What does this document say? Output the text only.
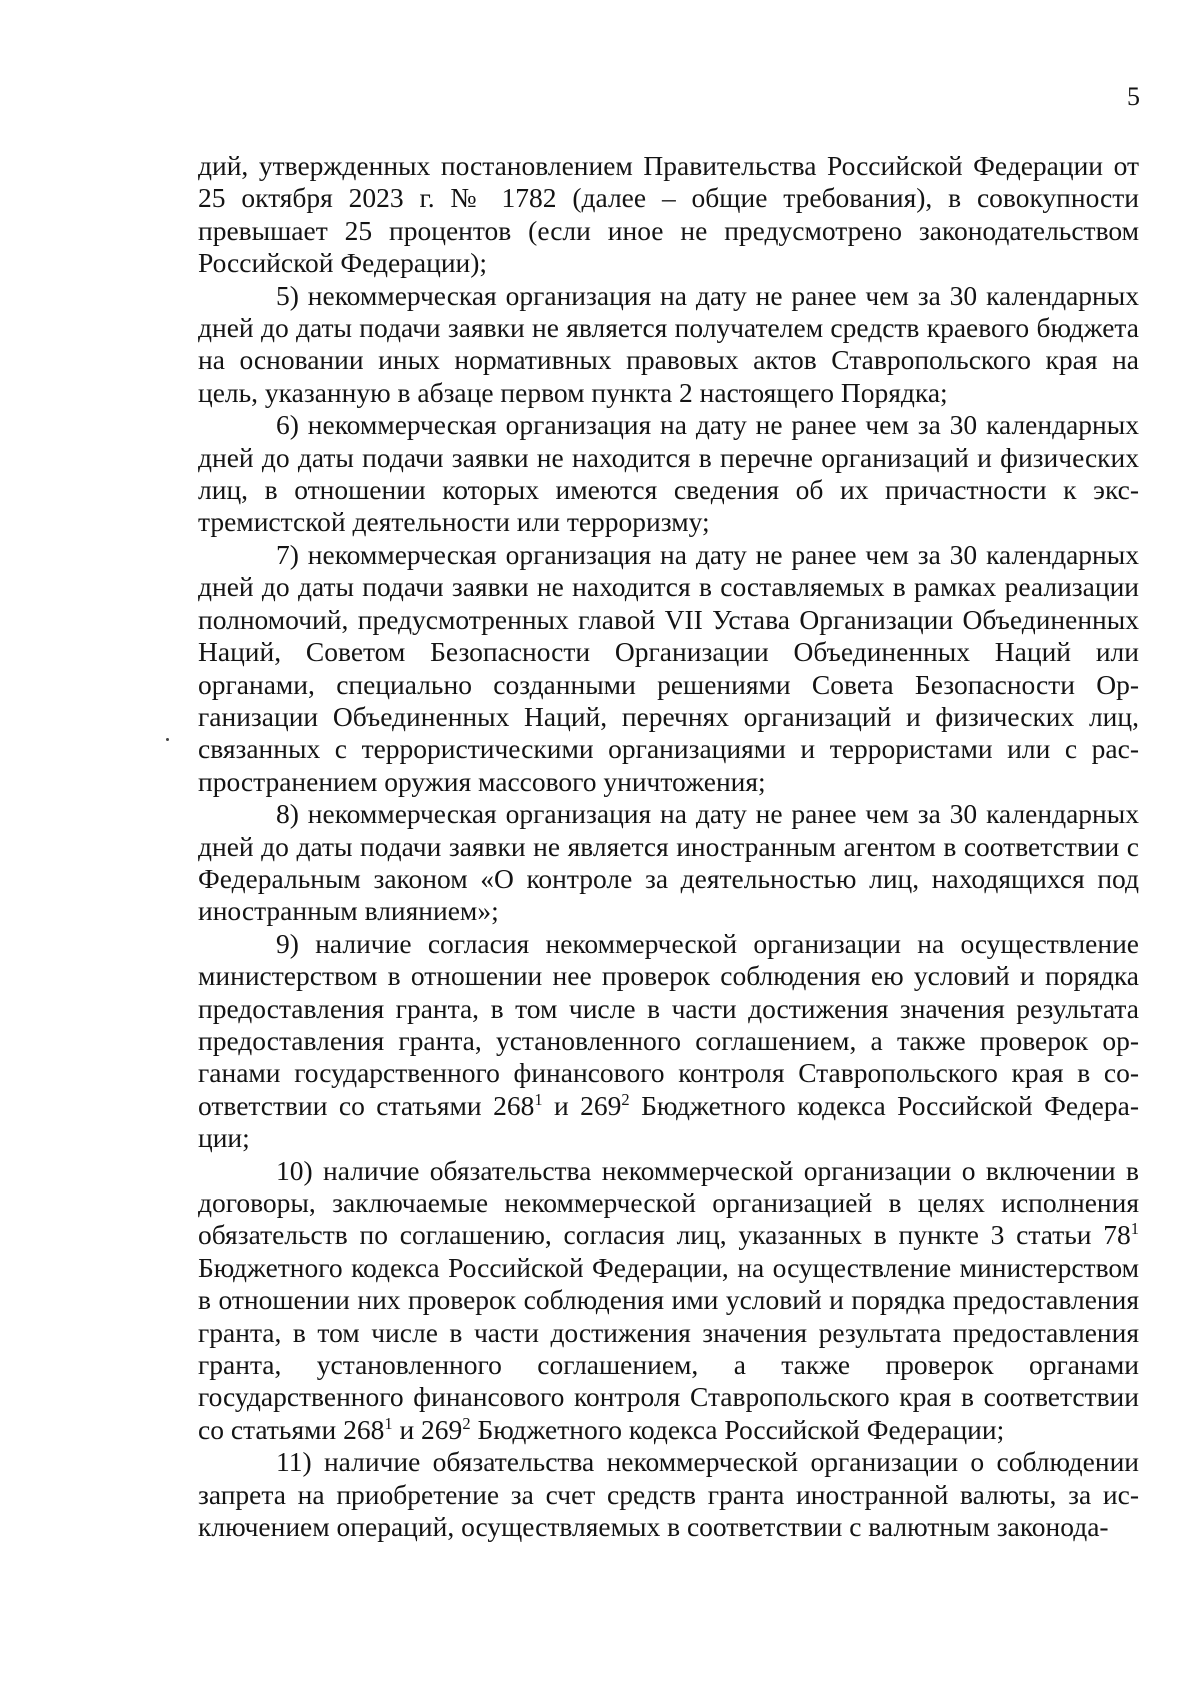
5

дий, утвержденных постановлением Правительства Российской Федерации от 25 октября 2023 г. № 1782 (далее – общие требования), в совокупности превышает 25 процентов (если иное не предусмотрено законодательством Российской Федерации);

5) некоммерческая организация на дату не ранее чем за 30 календарных дней до даты подачи заявки не является получателем средств краевого бюджета на основании иных нормативных правовых актов Ставропольского края на цель, указанную в абзаце первом пункта 2 настоящего Порядка;

6) некоммерческая организация на дату не ранее чем за 30 календарных дней до даты подачи заявки не находится в перечне организаций и физических лиц, в отношении которых имеются сведения об их причастности к экстремистской деятельности или терроризму;

7) некоммерческая организация на дату не ранее чем за 30 календарных дней до даты подачи заявки не находится в составляемых в рамках реализации полномочий, предусмотренных главой VII Устава Организации Объединенных Наций, Советом Безопасности Организации Объединенных Наций или органами, специально созданными решениями Совета Безопасности Организации Объединенных Наций, перечнях организаций и физических лиц, связанных с террористическими организациями и террористами или с распространением оружия массового уничтожения;

8) некоммерческая организация на дату не ранее чем за 30 календарных дней до даты подачи заявки не является иностранным агентом в соответствии с Федеральным законом «О контроле за деятельностью лиц, находящихся под иностранным влиянием»;

9) наличие согласия некоммерческой организации на осуществление министерством в отношении нее проверок соблюдения ею условий и порядка предоставления гранта, в том числе в части достижения значения результата предоставления гранта, установленного соглашением, а также проверок органами государственного финансового контроля Ставропольского края в соответствии со статьями $268^1$ и $269^2$ Бюджетного кодекса Российской Федерации;

10) наличие обязательства некоммерческой организации о включении в договоры, заключаемые некоммерческой организацией в целях исполнения обязательств по соглашению, согласия лиц, указанных в пункте 3 статьи $78^1$ Бюджетного кодекса Российской Федерации, на осуществление министерством в отношении них проверок соблюдения ими условий и порядка предоставления гранта, в том числе в части достижения значения результата предоставления гранта, установленного соглашением, а также проверок органами государственного финансового контроля Ставропольского края в соответствии со статьями $268^1$ и $269^2$ Бюджетного кодекса Российской Федерации;

11) наличие обязательства некоммерческой организации о соблюдении запрета на приобретение за счет средств гранта иностранной валюты, за исключением операций, осуществляемых в соответствии с валютным законода-
